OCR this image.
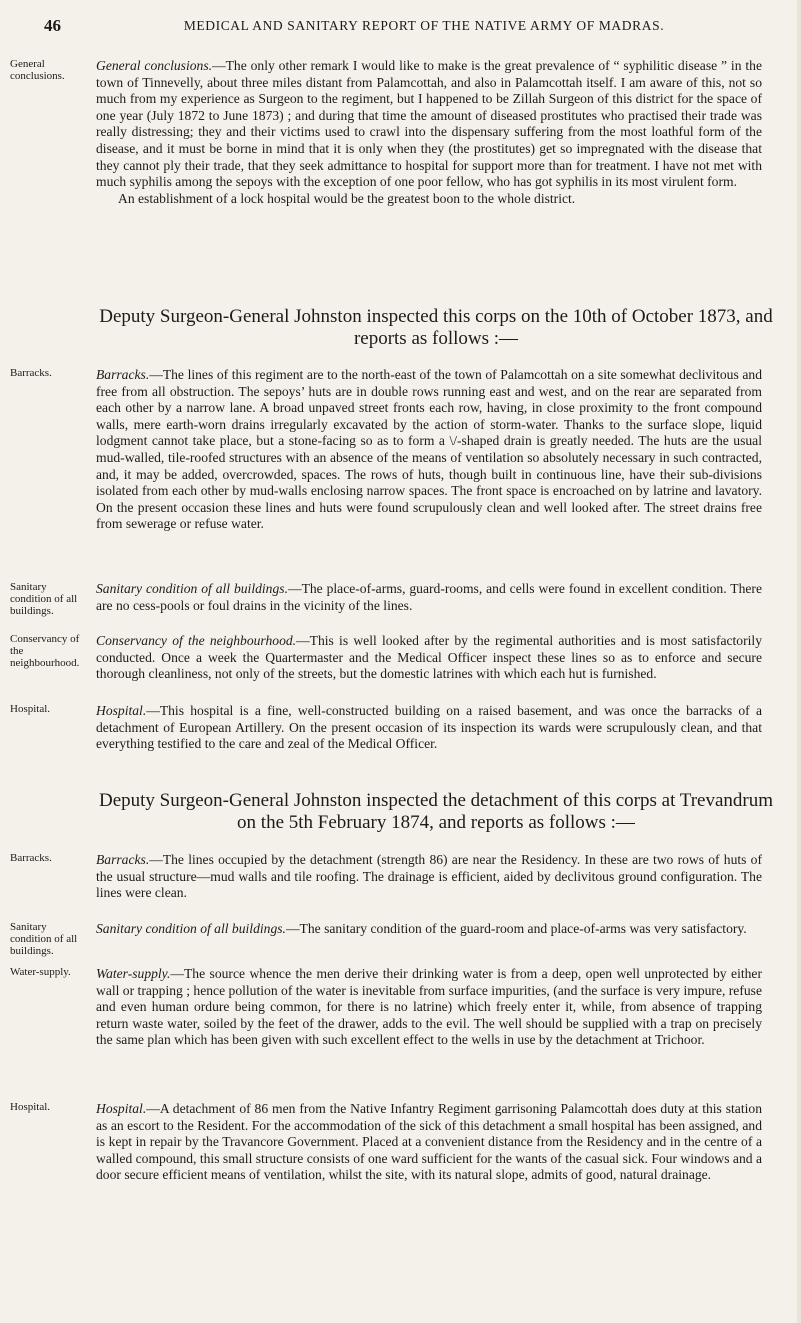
46	MEDICAL AND SANITARY REPORT OF THE NATIVE ARMY OF MADRAS.
General conclusions.
Barracks.
Sanitary condition of all buildings.
Conservancy of the neighbourhood.
Hospital.
Barracks.
Sanitary condition of all buildings.
Water-supply.
Hospital.

General conclusions.—The only other remark I would like to make is the great prevalence of “ syphilitic disease ” in the town of Tinnevelly, about three miles distant from Palamcottah, and also in Palamcottah itself. I am aware of this, not so much from my experience as Surgeon to the regiment, but I happened to be Zillah Surgeon of this district for the space of one year (July 1872 to June 1873) ; and during that time the amount of diseased prostitutes who practised their trade was really distressing; they and their victims used to crawl into the dispensary suffering from the most loathful form of the disease, and it must be borne in mind that it is only when they (the prostitutes) get so impregnated with the disease that they cannot ply their trade, that they seek admittance to hospital for support more than for treatment. I have not met with much syphilis among the sepoys with the exception of one poor fellow, who has got syphilis in its most virulent form.

An establishment of a lock hospital would be the greatest boon to the whole district.

Deputy Surgeon-General Johnston inspected this corps on the 10th of October 1873, and reports as follows :—

Barracks.—The lines of this regiment are to the north-east of the town of Palamcottah on a site somewhat declivitous and free from all obstruction. The sepoys’ huts are in double rows running east and west, and on the rear are separated from each other by a narrow lane. A broad unpaved street fronts each row, having, in close proximity to the front compound walls, mere earth-worn drains irregularly excavated by the action of storm-water. Thanks to the surface slope, liquid lodgment cannot take place, but a stone-facing so as to form a \/-shaped drain is greatly needed. The huts are the usual mud-walled, tile-roofed structures with an absence of the means of ventilation so absolutely necessary in such contracted, and, it may be added, overcrowded, spaces. The rows of huts, though built in continuous line, have their sub-divisions isolated from each other by mud-walls enclosing narrow spaces. The front space is encroached on by latrine and lavatory. On the present occasion these lines and huts were found scrupulously clean and well looked after. The street drains free from sewerage or refuse water.

Sanitary condition of all buildings.—The place-of-arms, guard-rooms, and cells were found in excellent condition. There are no cess-pools or foul drains in the vicinity of the lines.

Conservancy of the neighbourhood.—This is well looked after by the regimental authorities and is most satisfactorily conducted. Once a week the Quartermaster and the Medical Officer inspect these lines so as to enforce and secure thorough cleanliness, not only of the streets, but the domestic latrines with which each hut is furnished.

Hospital.—This hospital is a fine, well-constructed building on a raised basement, and was once the barracks of a detachment of European Artillery. On the present occasion of its inspection its wards were scrupulously clean, and that everything testified to the care and zeal of the Medical Officer.

Deputy Surgeon-General Johnston inspected the detachment of this corps at Trevandrum on the 5th February 1874, and reports as follows :—

Barracks.—The lines occupied by the detachment (strength 86) are near the Residency. In these are two rows of huts of the usual structure—mud walls and tile roofing. The drainage is efficient, aided by declivitous ground configuration. The lines were clean.

Sanitary condition of all buildings.—The sanitary condition of the guard-room and place-of-arms was very satisfactory.

Water-supply.—The source whence the men derive their drinking water is from a deep, open well unprotected by either wall or trapping ; hence pollution of the water is inevitable from surface impurities, (and the surface is very impure, refuse and even human ordure being common, for there is no latrine) which freely enter it, while, from absence of trapping return waste water, soiled by the feet of the drawer, adds to the evil. The well should be supplied with a trap on precisely the same plan which has been given with such excellent effect to the wells in use by the detachment at Trichoor.

Hospital.—A detachment of 86 men from the Native Infantry Regiment garrisoning Palamcottah does duty at this station as an escort to the Resident. For the accommodation of the sick of this detachment a small hospital has been assigned, and is kept in repair by the Travancore Government. Placed at a convenient distance from the Residency and in the centre of a walled compound, this small structure consists of one ward sufficient for the wants of the casual sick. Four windows and a door secure efficient means of ventilation, whilst the site, with its natural slope, admits of good, natural drainage.
